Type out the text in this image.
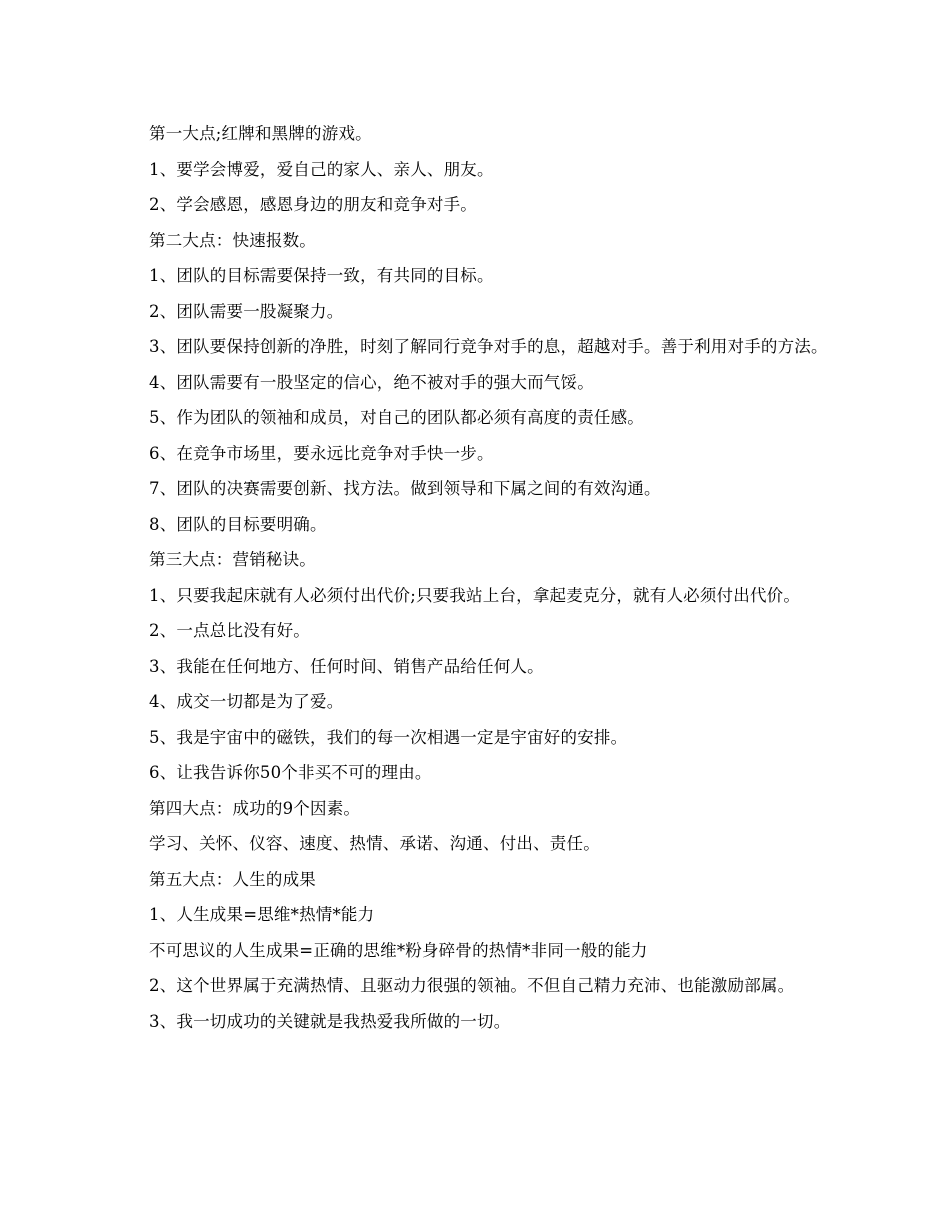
第一大点;红牌和黑牌的游戏。

1、要学会博爱，爱自己的家人、亲人、朋友。

2、学会感恩，感恩身边的朋友和竞争对手。

第二大点：快速报数。

1、团队的目标需要保持一致，有共同的目标。

2、团队需要一股凝聚力。

3、团队要保持创新的净胜，时刻了解同行竞争对手的息，超越对手。善于利用对手的方法。

4、团队需要有一股坚定的信心，绝不被对手的强大而气馁。

5、作为团队的领袖和成员，对自己的团队都必须有高度的责任感。

6、在竞争市场里，要永远比竞争对手快一步。

7、团队的决赛需要创新、找方法。做到领导和下属之间的有效沟通。

8、团队的目标要明确。

第三大点：营销秘诀。

1、只要我起床就有人必须付出代价;只要我站上台，拿起麦克分，就有人必须付出代价。

2、一点总比没有好。

3、我能在任何地方、任何时间、销售产品给任何人。

4、成交一切都是为了爱。

5、我是宇宙中的磁铁，我们的每一次相遇一定是宇宙好的安排。

6、让我告诉你50个非买不可的理由。

第四大点：成功的9个因素。

学习、关怀、仪容、速度、热情、承诺、沟通、付出、责任。

第五大点：人生的成果

1、人生成果=思维*热情*能力

不可思议的人生成果=正确的思维*粉身碎骨的热情*非同一般的能力

2、这个世界属于充满热情、且驱动力很强的领袖。不但自己精力充沛、也能激励部属。

3、我一切成功的关键就是我热爱我所做的一切。
